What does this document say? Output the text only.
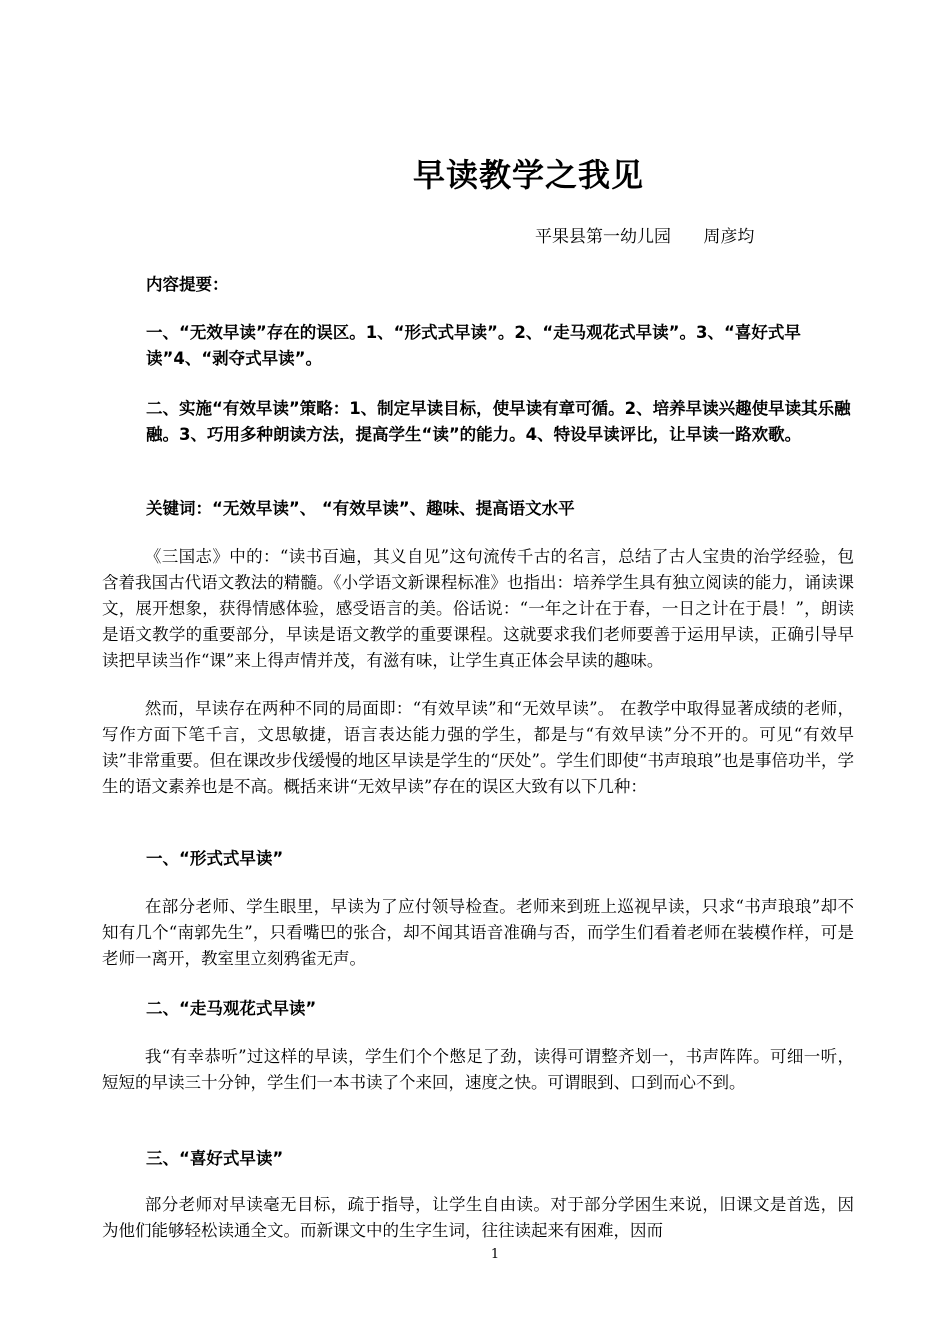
早读教学之我见
平果县第一幼儿园      周彦均
内容提要：
一、“无效早读”存在的误区。1、“形式式早读”。2、“走马观花式早读”。3、“喜好式早读”4、“剥夺式早读”。
二、实施“有效早读”策略：1、制定早读目标，使早读有章可循。2、培养早读兴趣使早读其乐融融。3、巧用多种朗读方法，提高学生“读”的能力。4、特设早读评比，让早读一路欢歌。
关键词：“无效早读”、 “有效早读”、趣味、提高语文水平
《三国志》中的：“读书百遍，其义自见”这句流传千古的名言，总结了古人宝贵的治学经验，包含着我国古代语文教法的精髓。《小学语文新课程标准》也指出：培养学生具有独立阅读的能力，诵读课文，展开想象，获得情感体验，感受语言的美。俗话说：“一年之计在于春，一日之计在于晨！”，朗读是语文教学的重要部分，早读是语文教学的重要课程。这就要求我们老师要善于运用早读，正确引导早读把早读当作“课”来上得声情并茂，有滋有味，让学生真正体会早读的趣味。
然而，早读存在两种不同的局面即：“有效早读”和“无效早读”。 在教学中取得显著成绩的老师，写作方面下笔千言，文思敏捷，语言表达能力强的学生，都是与“有效早读”分不开的。可见“有效早读”非常重要。但在课改步伐缓慢的地区早读是学生的“厌处”。学生们即使“书声琅琅”也是事倍功半，学生的语文素养也是不高。概括来讲“无效早读”存在的误区大致有以下几种：
一、“形式式早读”
在部分老师、学生眼里，早读为了应付领导检查。老师来到班上巡视早读，只求“书声琅琅”却不知有几个“南郭先生”，只看嘴巴的张合，却不闻其语音准确与否，而学生们看着老师在装模作样，可是老师一离开，教室里立刻鸦雀无声。
二、“走马观花式早读”
我“有幸恭听”过这样的早读，学生们个个憋足了劲，读得可谓整齐划一，书声阵阵。可细一听，短短的早读三十分钟，学生们一本书读了个来回，速度之快。可谓眼到、口到而心不到。
三、“喜好式早读”
部分老师对早读毫无目标，疏于指导，让学生自由读。对于部分学困生来说，旧课文是首选，因为他们能够轻松读通全文。而新课文中的生字生词，往往读起来有困难，因而
1
